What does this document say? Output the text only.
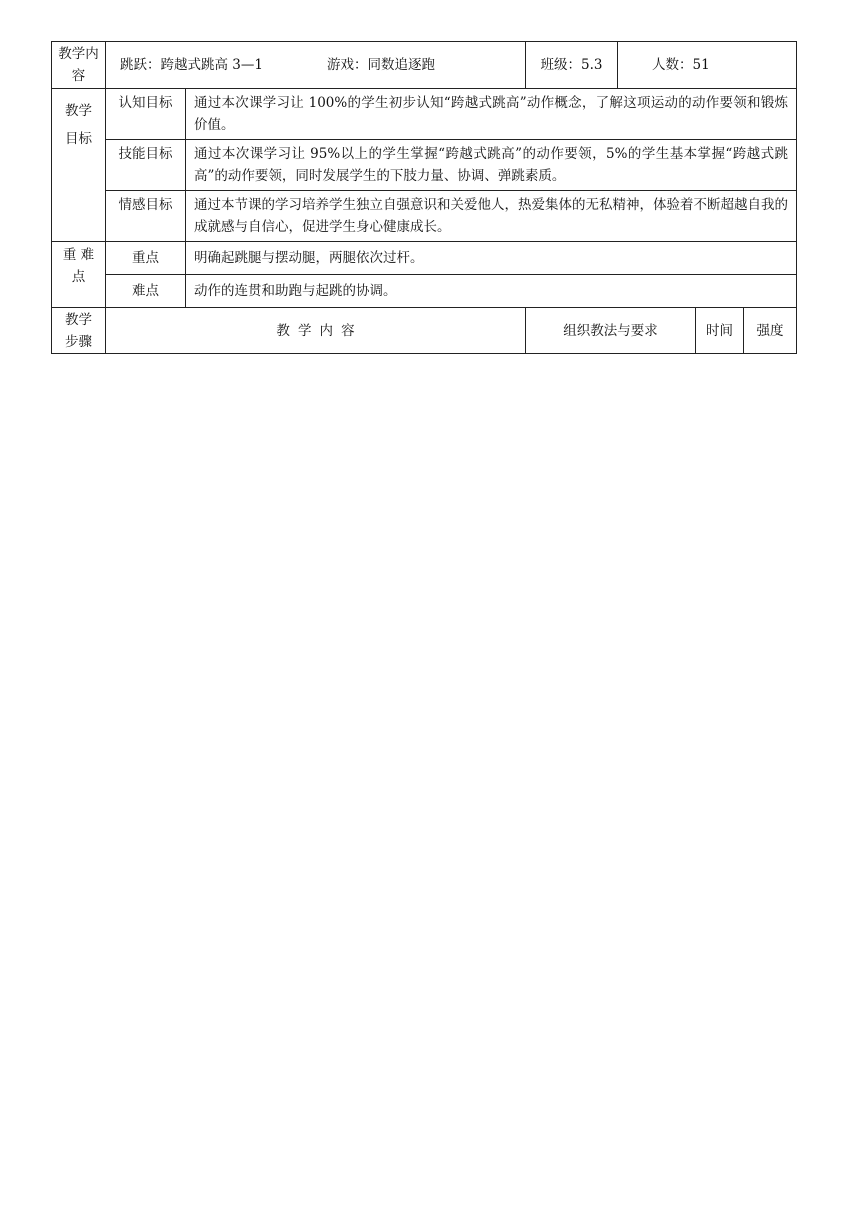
教学内容	跳跃：跨越式跳高 3—1 游戏：同数追逐跑		班级：5.3	人数：51		

教学
目标	认知目标	通过本次课学习让 100%的学生初步认知“跨越式跳高”动作概念，了解这项运动的动作要领和锻炼价值。				
	技能目标	通过本次课学习让 95%以上的学生掌握“跨越式跳高”的动作要领，5%的学生基本掌握“跨越式跳高”的动作要领，同时发展学生的下肢力量、协调、弹跳素质。				
	情感目标	通过本节课的学习培养学生独立自强意识和关爱他人，热爱集体的无私精神，体验着不断超越自我的成就感与自信心，促进学生身心健康成长。				

重 难
点	重点	明确起跳腿与摆动腿，两腿依次过杆。				
	难点	动作的连贯和助跑与起跳的协调。				

教学
步骤	教学内容		组织教法与要求		时间	强度
